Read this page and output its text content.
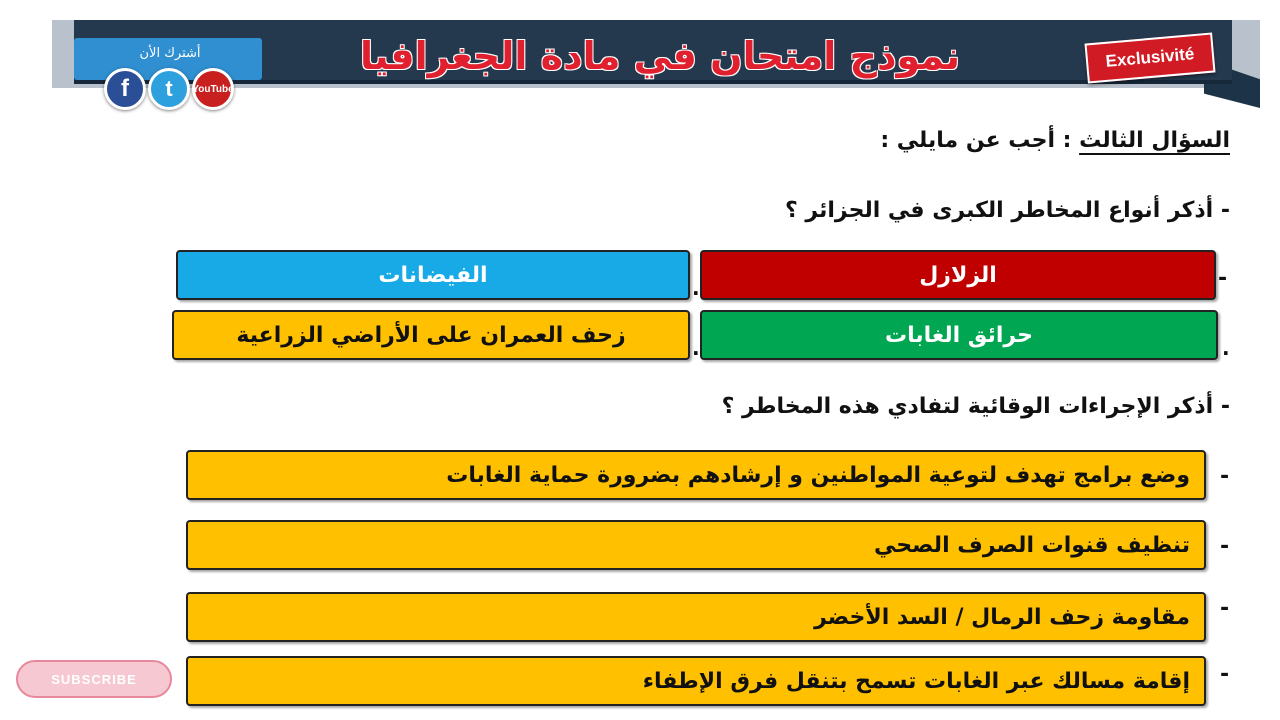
نموذج امتحان في مادة الجغرافيا	Exclusivité
أشترك الأن
f	t	YouTube
السؤال الثالث : أجب عن مايلي :
- أذكر أنواع المخاطر الكبرى في الجزائر ؟
-
الزلازل
.
الفيضانات
.
حرائق الغابات
.
زحف العمران على الأراضي الزراعية
- أذكر الإجراءات الوقائية لتفادي هذه المخاطر ؟
-
وضع برامج تهدف لتوعية المواطنين و إرشادهم بضرورة حماية الغابات
-
تنظيف قنوات الصرف الصحي
-
مقاومة زحف الرمال / السد الأخضر
-
إقامة مسالك عبر الغابات تسمح بتنقل فرق الإطفاء
SUBSCRIBE
